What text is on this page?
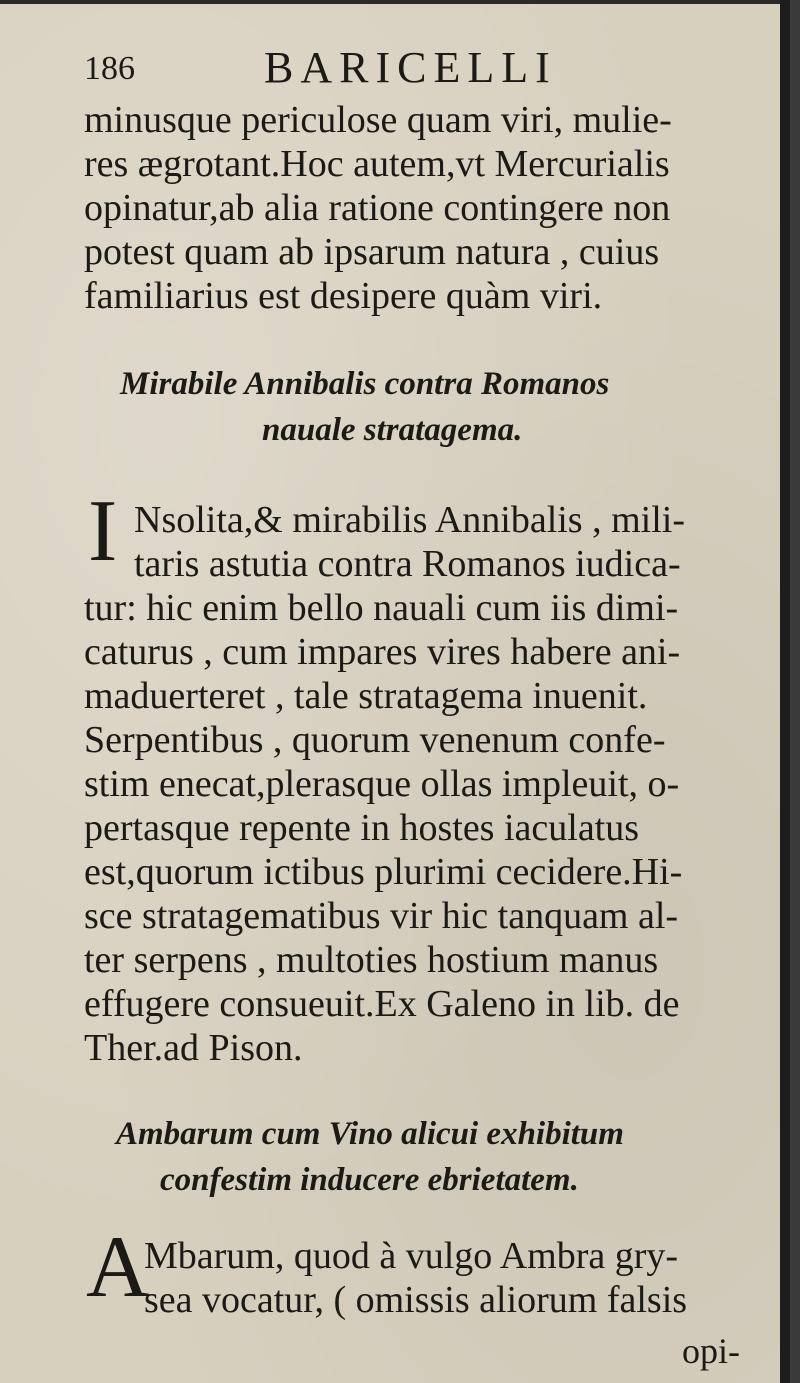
186	BARICELLI
minusque periculose quam viri, mulie-
res ægrotant.Hoc autem,vt Mercurialis
opinatur,ab alia ratione contingere non
potest quam ab ipsarum natura , cuius
familiarius est desipere quàm viri.
Mirabile Annibalis contra Romanos
nauale stratagema.
I Nsolita,& mirabilis Annibalis , mili-
taris astutia contra Romanos iudica-
tur: hic enim bello nauali cum iis dimi-
caturus , cum impares vires habere ani-
maduerteret , tale stratagema inuenit.
Serpentibus , quorum venenum confe-
stim enecat,plerasque ollas impleuit, o-
pertasque repente in hostes iaculatus
est,quorum ictibus plurimi cecidere.Hi-
sce stratagematibus vir hic tanquam al-
ter serpens , multoties hostium manus
effugere consueuit.Ex Galeno in lib. de
Ther.ad Pison.
Ambarum cum Vino alicui exhibitum
confestim inducere ebrietatem.
A
Mbarum, quod à vulgo Ambra gry-
sea vocatur, ( omissis aliorum falsis
opi-
